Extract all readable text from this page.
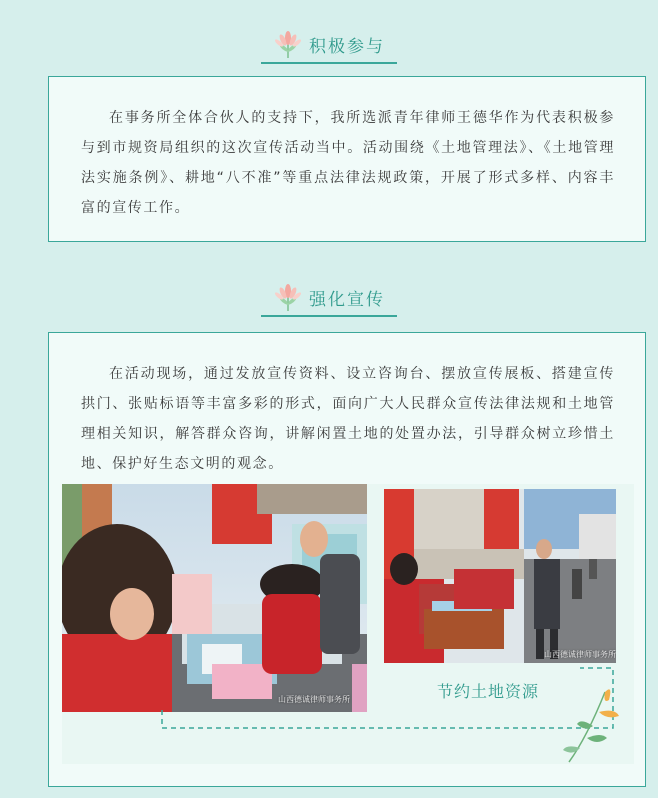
积极参与

在事务所全体合伙人的支持下，我所选派青年律师王德华作为代表积极参与到市规资局组织的这次宣传活动当中。活动围绕《土地管理法》、《土地管理法实施条例》、耕地“八不准”等重点法律法规政策，开展了形式多样、内容丰富的宣传工作。

强化宣传

在活动现场，通过发放宣传资料、设立咨询台、摆放宣传展板、搭建宣传拱门、张贴标语等丰富多彩的形式，面向广大人民群众宣传法律法规和土地管理相关知识，解答群众咨询，讲解闲置土地的处置办法，引导群众树立珍惜土地、保护好生态文明的观念。

山西德诚律师事务所
山西德诚律师事务所
节约土地资源
